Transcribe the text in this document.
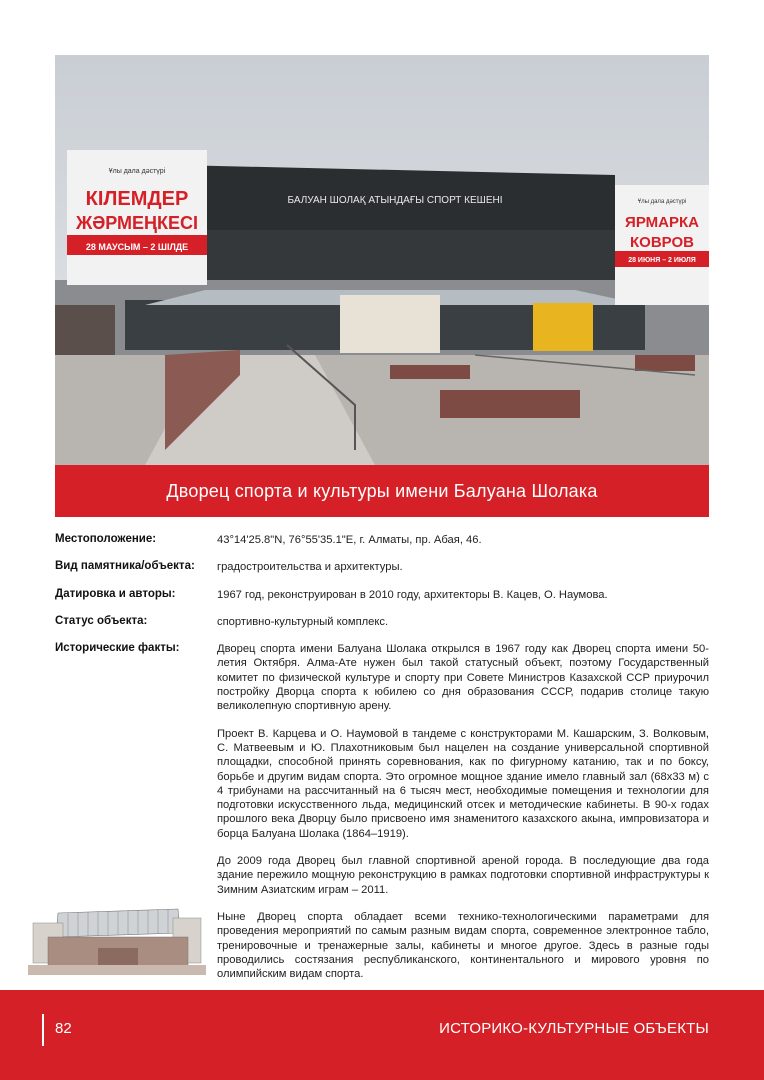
БАЛУАН ШОЛАҚ АТЫНДАҒЫ СПОРТ КЕШЕНІ
Ұлы дала дәстүрі
КІЛЕМДЕР
ЖӘРМЕҢКЕСІ
28 МАУСЫМ – 2 ШІЛДЕ
Ұлы дала дәстүрі
ЯРМАРКА
КОВРОВ
28 ИЮНЯ – 2 ИЮЛЯ
Дворец спорта и культуры имени Балуана Шолака
Местоположение:	43°14'25.8"N, 76°55'35.1"E, г. Алматы, пр. Абая, 46.
Вид памятника/объекта:	градостроительства и архитектуры.
Датировка и авторы:	1967 год, реконструирован в 2010 году, архитекторы В. Кацев, О. Наумова.
Статус объекта:	спортивно-культурный комплекс.
Исторические факты:	Дворец спорта имени Балуана Шолака открылся в 1967 году как Дворец спорта имени 50-летия Октября. Алма-Ате нужен был такой статусный объект, поэтому Государственный комитет по физической культуре и спорту при Совете Министров Казахской ССР приурочил постройку Дворца спорта к юбилею со дня образования СССР, подарив столице такую великолепную спортивную арену.

Проект В. Карцева и О. Наумовой в тандеме с конструкторами М. Кашарским, З. Волковым, С. Матвеевым и Ю. Плахотниковым был нацелен на создание универсальной спортивной площадки, способной принять соревнования, как по фигурному катанию, так и по боксу, борьбе и другим видам спорта. Это огромное мощное здание имело главный зал (68х33 м) с 4 трибунами на рассчитанный на 6 тысяч мест, необходимые помещения и технологии для подготовки искусственного льда, медицинский отсек и методические кабинеты. В 90-х годах прошлого века Дворцу было присвоено имя знаменитого казахского акына, импровизатора и борца Балуана Шолака (1864–1919).

До 2009 года Дворец был главной спортивной ареной города. В последующие два года здание пережило мощную реконструкцию в рамках подготовки спортивной инфраструктуры к Зимним Азиатским играм – 2011.

Ныне Дворец спорта обладает всеми технико-технологическими параметрами для проведения мероприятий по самым разным видам спорта, современное электронное табло, тренировочные и тренажерные залы, кабинеты и многое другое. Здесь в разные годы проводились состязания республиканского, континентального и мирового уровня по олимпийским видам спорта.

82	ИСТОРИКО-КУЛЬТУРНЫЕ ОБЪЕКТЫ
